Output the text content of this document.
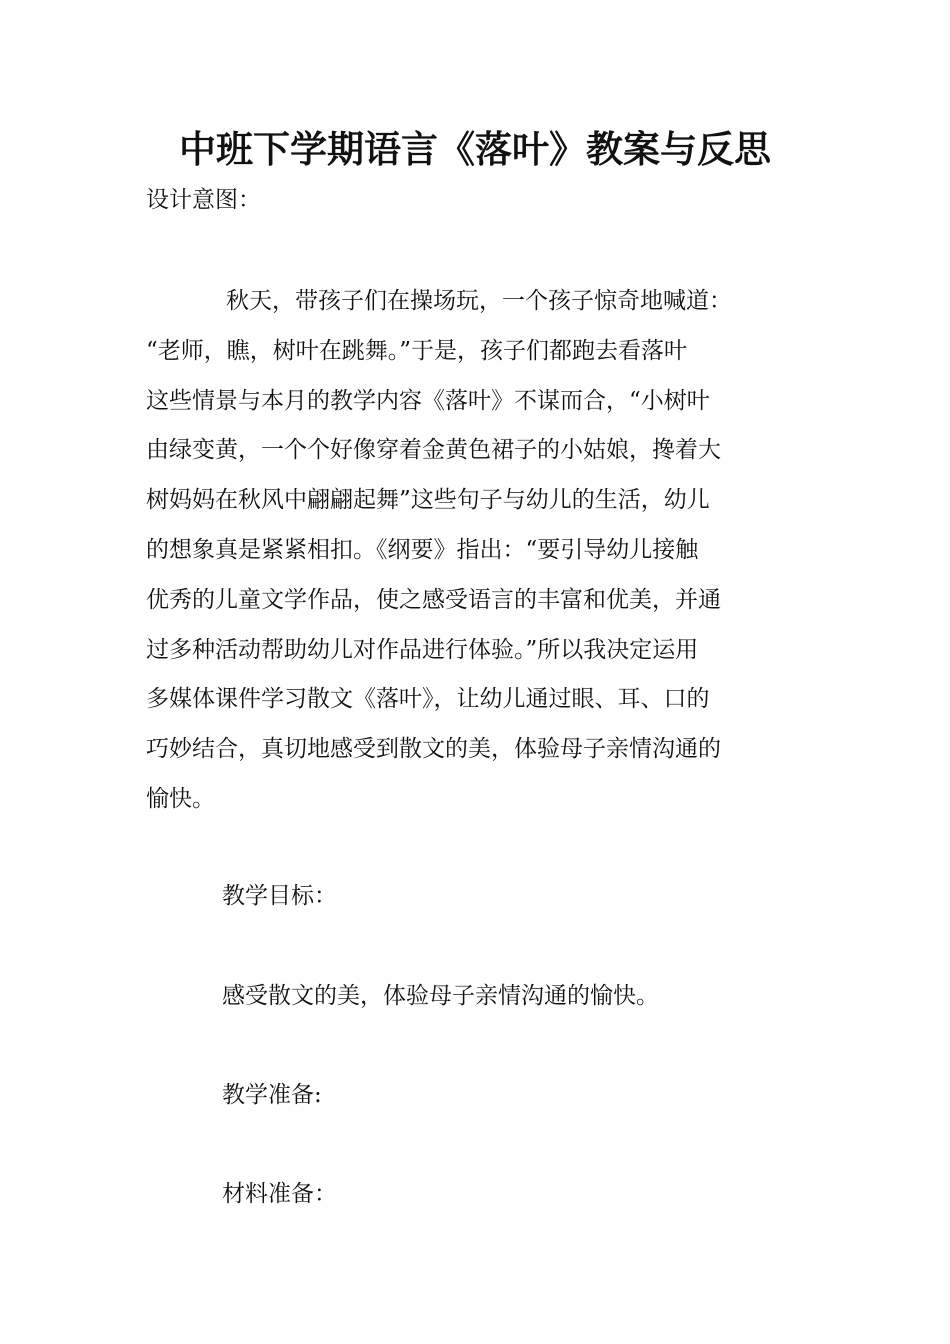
中班下学期语言《落叶》教案与反思
设计意图：
秋天，带孩子们在操场玩，一个孩子惊奇地喊道：
“老师，瞧，树叶在跳舞。”于是，孩子们都跑去看落叶
这些情景与本月的教学内容《落叶》不谋而合，“小树叶
由绿变黄，一个个好像穿着金黄色裙子的小姑娘，搀着大
树妈妈在秋风中翩翩起舞”这些句子与幼儿的生活，幼儿
的想象真是紧紧相扣。《纲要》指出：“要引导幼儿接触
优秀的儿童文学作品，使之感受语言的丰富和优美，并通
过多种活动帮助幼儿对作品进行体验。”所以我决定运用
多媒体课件学习散文《落叶》，让幼儿通过眼、耳、口的
巧妙结合，真切地感受到散文的美，体验母子亲情沟通的
愉快。
教学目标：
感受散文的美，体验母子亲情沟通的愉快。
教学准备:
材料准备：
